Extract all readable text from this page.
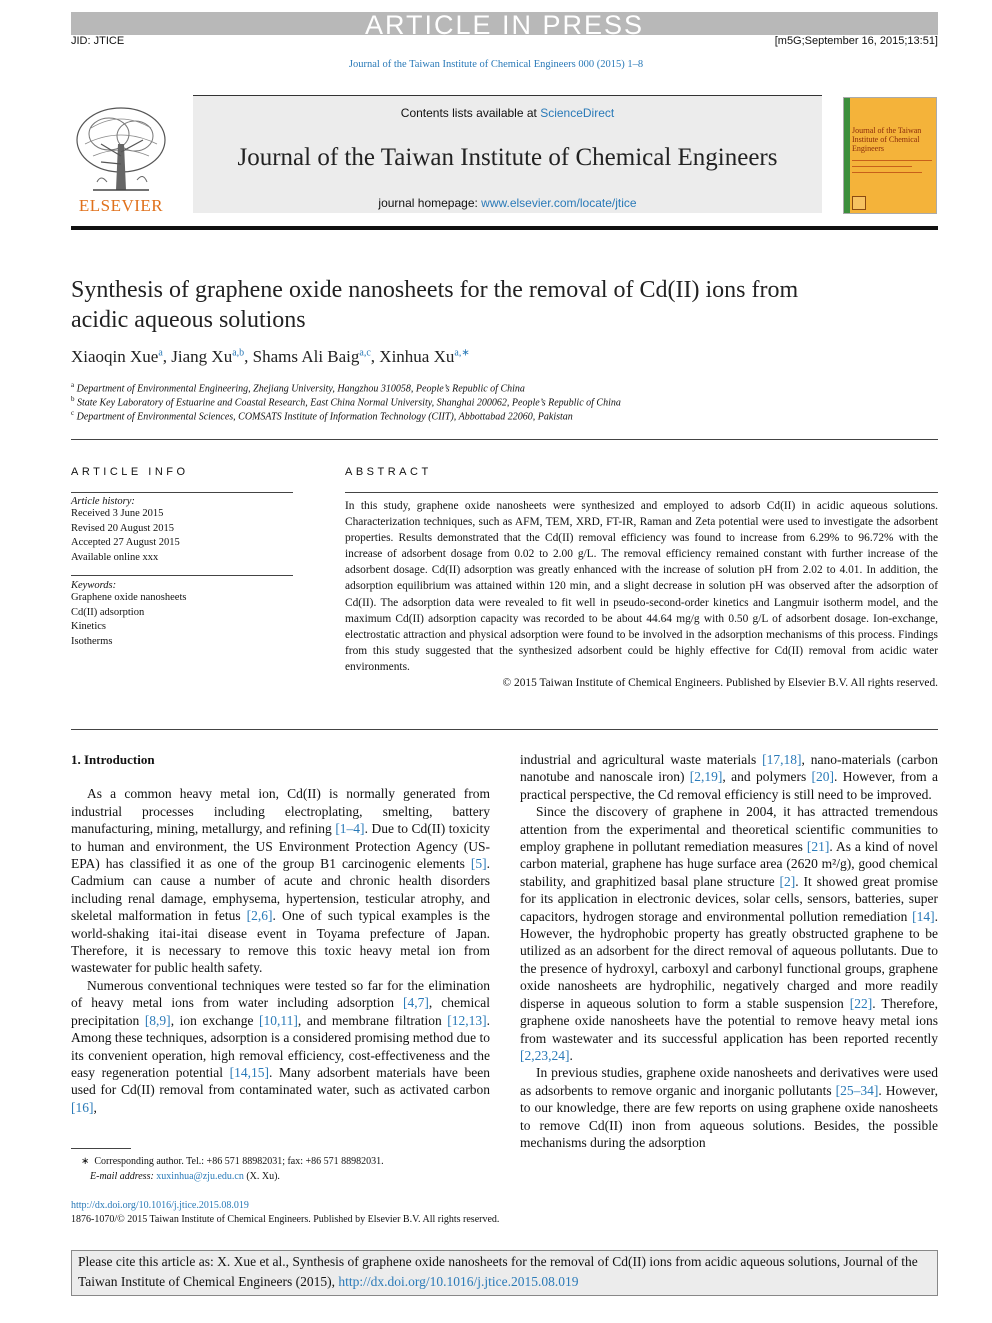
ARTICLE IN PRESS
JID: JTICE	[m5G;September 16, 2015;13:51]
Journal of the Taiwan Institute of Chemical Engineers 000 (2015) 1–8
ELSEVIER
Contents lists available at ScienceDirect
Journal of the Taiwan Institute of Chemical Engineers
journal homepage: www.elsevier.com/locate/jtice
Journal of the Taiwan Institute of Chemical Engineers
Synthesis of graphene oxide nanosheets for the removal of Cd(II) ions from acidic aqueous solutions
Xiaoqin Xue$^a$, Jiang Xu$^{a,b}$, Shams Ali Baig$^{a,c}$, Xinhua $Xu^{a,∗}$
$^a$ Department of Environmental Engineering, Zhejiang University, Hangzhou 310058, People’s Republic of China
$^b$ State Key Laboratory of Estuarine and Coastal Research, East China Normal University, Shanghai 200062, People’s Republic of China
$^c$ Department of Environmental Sciences, COMSATS Institute of Information Technology (CIIT), Abbottabad 22060, Pakistan
ARTICLE INFO
Article history:
Received 3 June 2015
Revised 20 August 2015
Accepted 27 August 2015
Available online xxx
Keywords:
Graphene oxide nanosheets
Cd(II) adsorption
Kinetics
Isotherms
ABSTRACT
In this study, graphene oxide nanosheets were synthesized and employed to adsorb Cd(II) in acidic aqueous solutions. Characterization techniques, such as AFM, TEM, XRD, FT-IR, Raman and Zeta potential were used to investigate the adsorbent properties. Results demonstrated that the Cd(II) removal efficiency was found to increase from 6.29% to 96.72% with the increase of adsorbent dosage from 0.02 to 2.00 g/L. The removal efficiency remained constant with further increase of the adsorbent dosage. Cd(II) adsorption was greatly enhanced with the increase of solution pH from 2.02 to 4.01. In addition, the adsorption equilibrium was attained within 120 min, and a slight decrease in solution pH was observed after the adsorption of Cd(II). The adsorption data were revealed to fit well in pseudo-second-order kinetics and Langmuir isotherm model, and the maximum Cd(II) adsorption capacity was recorded to be about 44.64 mg/g with 0.50 g/L of adsorbent dosage. Ion-exchange, electrostatic attraction and physical adsorption were found to be involved in the adsorption mechanisms of this process. Findings from this study suggested that the synthesized adsorbent could be highly effective for Cd(II) removal from acidic water environments.
© 2015 Taiwan Institute of Chemical Engineers. Published by Elsevier B.V. All rights reserved.
1. Introduction

As a common heavy metal ion, Cd(II) is normally generated from industrial processes including electroplating, smelting, battery manufacturing, mining, metallurgy, and refining [1–4]. Due to Cd(II) toxicity to human and environment, the US Environment Protection Agency (US-EPA) has classified it as one of the group B1 carcinogenic elements [5]. Cadmium can cause a number of acute and chronic health disorders including renal damage, emphysema, hypertension, testicular atrophy, and skeletal malformation in fetus [2,6]. One of such typical examples is the world-shaking itai-itai disease event in Toyama prefecture of Japan. Therefore, it is necessary to remove this toxic heavy metal ion from wastewater for public health safety.

Numerous conventional techniques were tested so far for the elimination of heavy metal ions from water including adsorption [4,7], chemical precipitation [8,9], ion exchange [10,11], and membrane filtration [12,13]. Among these techniques, adsorption is a considered promising method due to its convenient operation, high removal efficiency, cost-effectiveness and the easy regeneration potential [14,15]. Many adsorbent materials have been used for Cd(II) removal from contaminated water, such as activated carbon [16],

industrial and agricultural waste materials [17,18], nano-materials (carbon nanotube and nanoscale iron) [2,19], and polymers [20]. However, from a practical perspective, the Cd removal efficiency is still need to be improved.

Since the discovery of graphene in 2004, it has attracted tremendous attention from the experimental and theoretical scientific communities to employ graphene in pollutant remediation measures [21]. As a kind of novel carbon material, graphene has huge surface area (2620 m²/g), good chemical stability, and graphitized basal plane structure [2]. It showed great promise for its application in electronic devices, solar cells, sensors, batteries, super capacitors, hydrogen storage and environmental pollution remediation [14]. However, the hydrophobic property has greatly obstructed graphene to be utilized as an adsorbent for the direct removal of aqueous pollutants. Due to the presence of hydroxyl, carboxyl and carbonyl functional groups, graphene oxide nanosheets are hydrophilic, negatively charged and more readily disperse in aqueous solution to form a stable suspension [22]. Therefore, graphene oxide nanosheets have the potential to remove heavy metal ions from wastewater and its successful application has been reported recently [2,23,24].

In previous studies, graphene oxide nanosheets and derivatives were used as adsorbents to remove organic and inorganic pollutants [25–34]. However, to our knowledge, there are few reports on using graphene oxide nanosheets to remove Cd(II) inon from aqueous solutions. Besides, the possible mechanisms during the adsorption

∗ Corresponding author. Tel.: +86 571 88982031; fax: +86 571 88982031.
E-mail address: xuxinhua@zju.edu.cn (X. Xu).
http://dx.doi.org/10.1016/j.jtice.2015.08.019
1876-1070/© 2015 Taiwan Institute of Chemical Engineers. Published by Elsevier B.V. All rights reserved.
Please cite this article as: X. Xue et al., Synthesis of graphene oxide nanosheets for the removal of Cd(II) ions from acidic aqueous solutions, Journal of the Taiwan Institute of Chemical Engineers (2015), http://dx.doi.org/10.1016/j.jtice.2015.08.019
